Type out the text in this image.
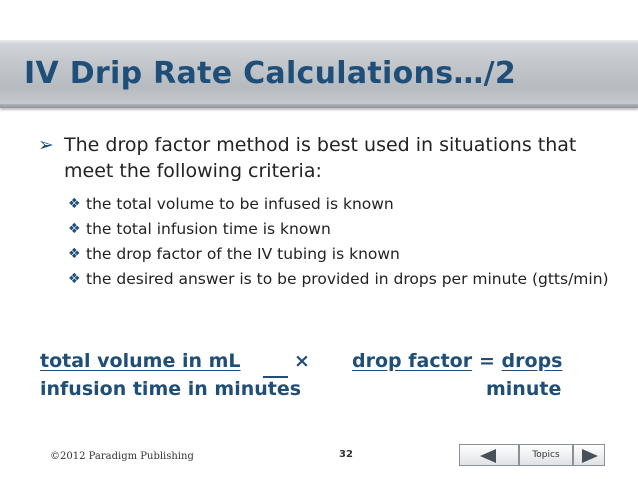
IV Drip Rate Calculations…/2
➢ The drop factor method is best used in situations that meet the following criteria:
❖ the total volume to be infused is known
❖ the total infusion time is known
❖ the drop factor of the IV tubing is known
❖ the desired answer is to be provided in drops per minute (gtts/min)
total volume in mL	× drop factor = drops
infusion time in minutes	minute
©2012 Paradigm Publishing	32	Topics
